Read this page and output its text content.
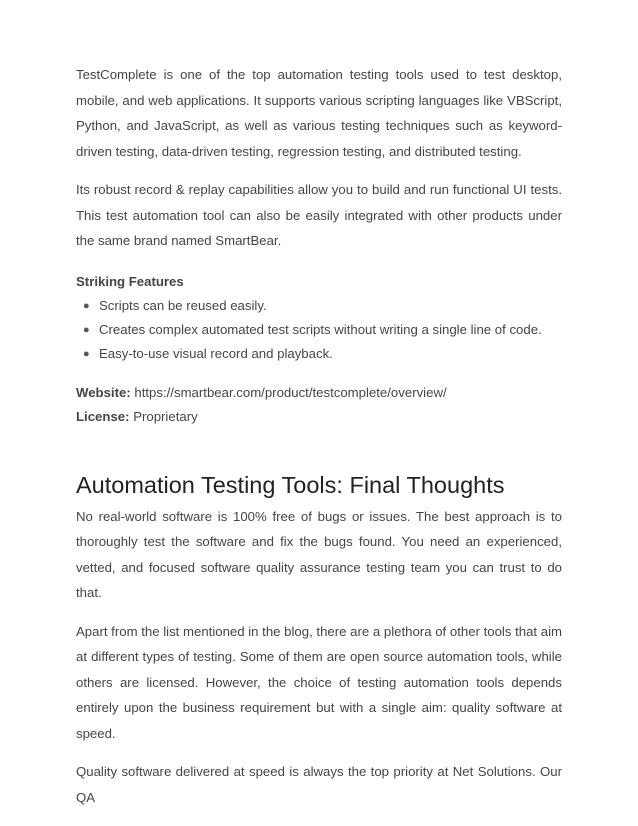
TestComplete is one of the top automation testing tools used to test desktop, mobile, and web applications. It supports various scripting languages like VBScript, Python, and JavaScript, as well as various testing techniques such as keyword-driven testing, data-driven testing, regression testing, and distributed testing.

Its robust record & replay capabilities allow you to build and run functional UI tests. This test automation tool can also be easily integrated with other products under the same brand named SmartBear.

Striking Features
● Scripts can be reused easily.
● Creates complex automated test scripts without writing a single line of code.
● Easy-to-use visual record and playback.
Website: https://smartbear.com/product/testcomplete/overview/
License: Proprietary
Automation Testing Tools: Final Thoughts

No real-world software is 100% free of bugs or issues. The best approach is to thoroughly test the software and fix the bugs found. You need an experienced, vetted, and focused software quality assurance testing team you can trust to do that.

Apart from the list mentioned in the blog, there are a plethora of other tools that aim at different types of testing. Some of them are open source automation tools, while others are licensed. However, the choice of testing automation tools depends entirely upon the business requirement but with a single aim: quality software at speed.

Quality software delivered at speed is always the top priority at Net Solutions. Our QA
